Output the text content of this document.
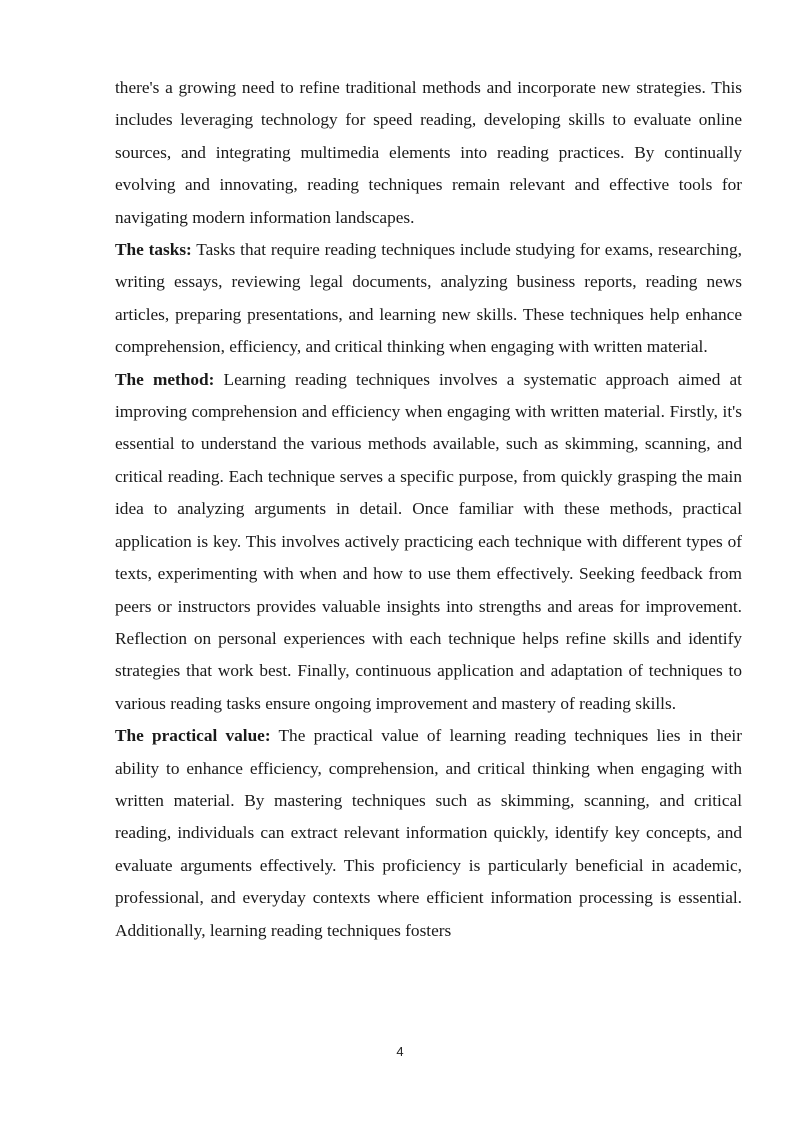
there's a growing need to refine traditional methods and incorporate new strategies. This includes leveraging technology for speed reading, developing skills to evaluate online sources, and integrating multimedia elements into reading practices. By continually evolving and innovating, reading techniques remain relevant and effective tools for navigating modern information landscapes.

The tasks: Tasks that require reading techniques include studying for exams, researching, writing essays, reviewing legal documents, analyzing business reports, reading news articles, preparing presentations, and learning new skills. These techniques help enhance comprehension, efficiency, and critical thinking when engaging with written material.

The method: Learning reading techniques involves a systematic approach aimed at improving comprehension and efficiency when engaging with written material. Firstly, it's essential to understand the various methods available, such as skimming, scanning, and critical reading. Each technique serves a specific purpose, from quickly grasping the main idea to analyzing arguments in detail. Once familiar with these methods, practical application is key. This involves actively practicing each technique with different types of texts, experimenting with when and how to use them effectively. Seeking feedback from peers or instructors provides valuable insights into strengths and areas for improvement. Reflection on personal experiences with each technique helps refine skills and identify strategies that work best. Finally, continuous application and adaptation of techniques to various reading tasks ensure ongoing improvement and mastery of reading skills.

The practical value: The practical value of learning reading techniques lies in their ability to enhance efficiency, comprehension, and critical thinking when engaging with written material. By mastering techniques such as skimming, scanning, and critical reading, individuals can extract relevant information quickly, identify key concepts, and evaluate arguments effectively. This proficiency is particularly beneficial in academic, professional, and everyday contexts where efficient information processing is essential. Additionally, learning reading techniques fosters

4
